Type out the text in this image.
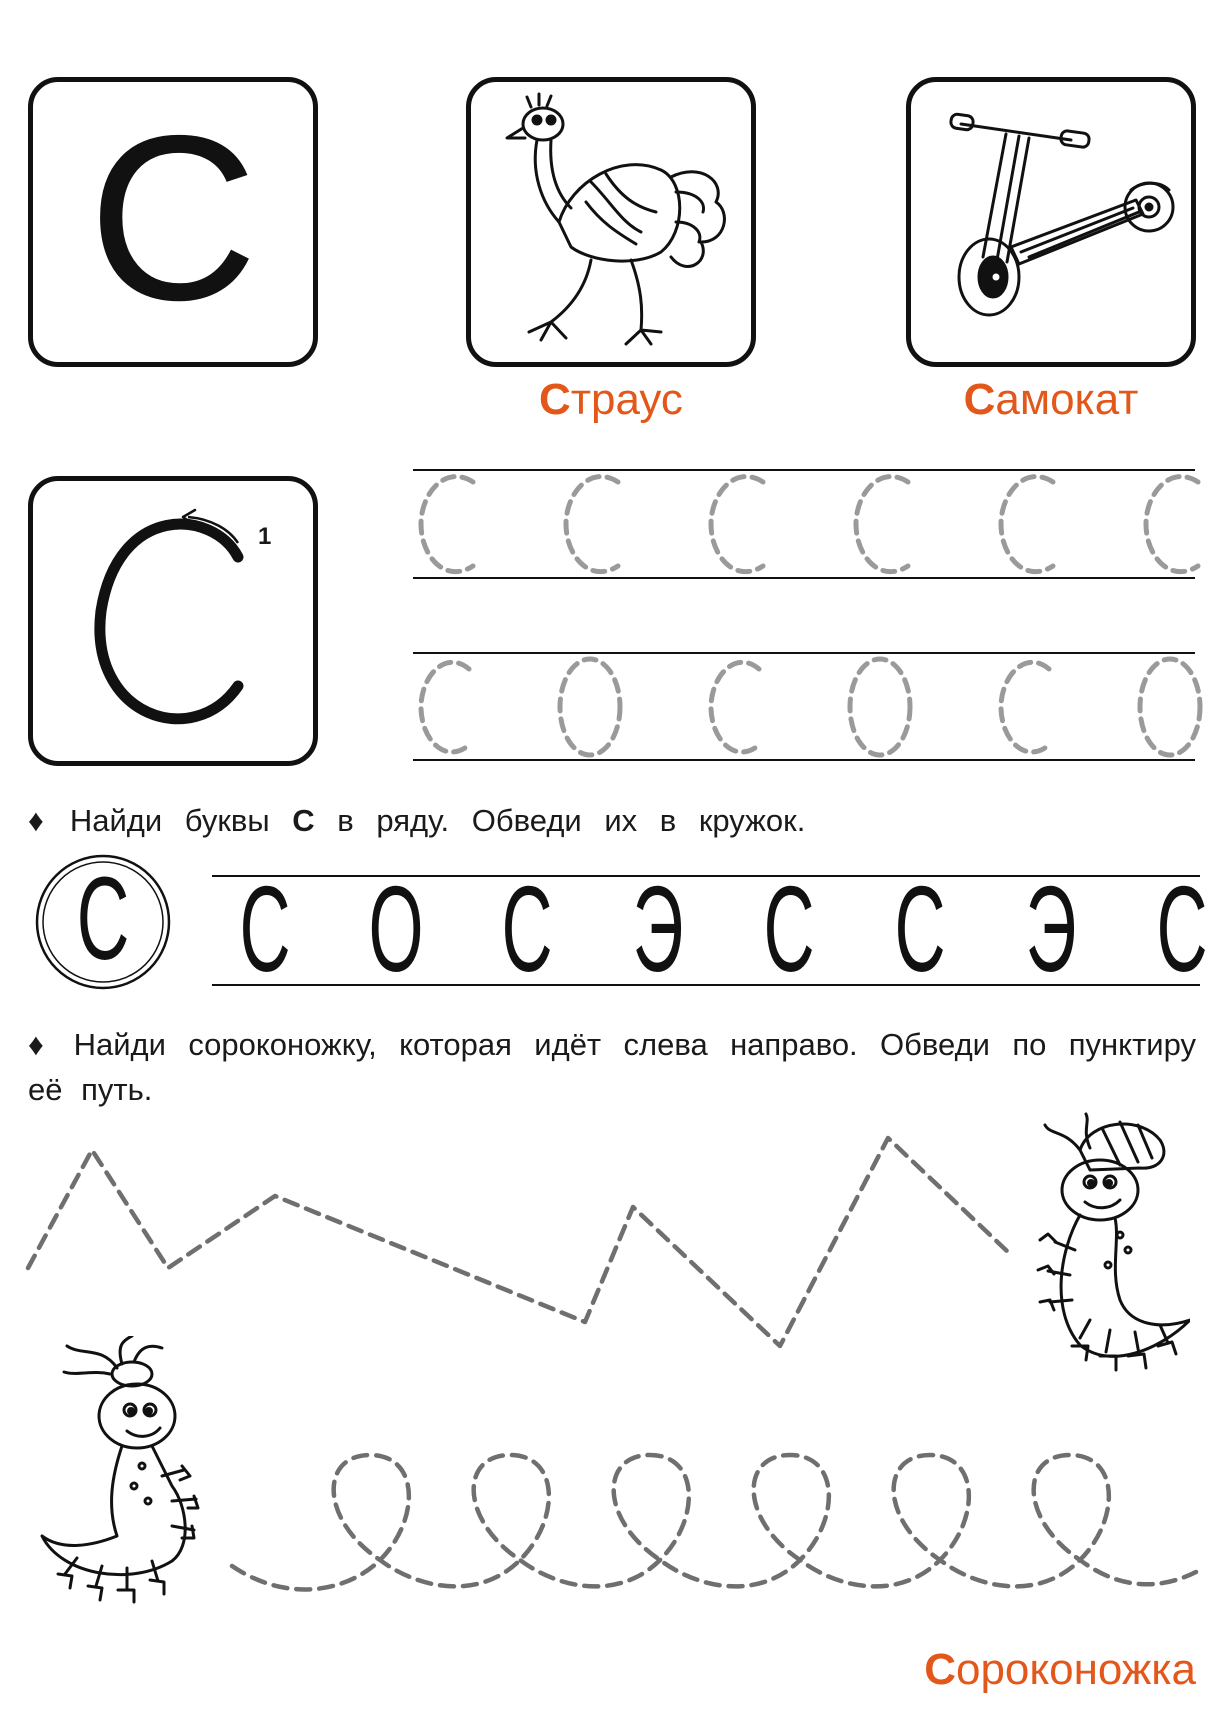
С
Страус	Самокат
1

♦ Найди буквы С в ряду. Обведи их в кружок.

С С О С Э С С Э С

♦ Найди сороконожку, которая идёт слева направо. Обведи по пунктиру её путь.

Сороконожка
